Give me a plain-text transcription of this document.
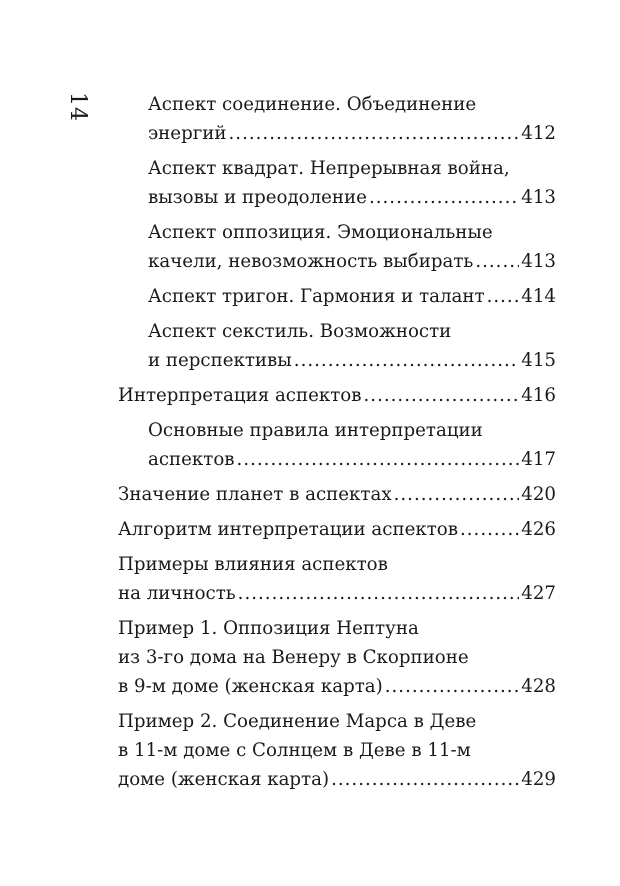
14	Аспект соединение. Объединение
энергий .....	412
Аспект квадрат. Непрерывная война,
вызовы и преодоление .....	413
Аспект оппозиция. Эмоциональные
качели, невозможность выбирать .....	413
Аспект тригон. Гармония и талант ..... 414
Аспект секстиль. Возможности
и перспективы .....	415
Интерпретация аспектов .....	416
Основные правила интерпретации
аспектов .....	417
Значение планет в аспектах .....	420
Алгоритм интерпретации аспектов .....	426
Примеры влияния аспектов
на личность .....	427
Пример 1. Оппозиция Нептуна
из 3-го дома на Венеру в Скорпионе
в 9-м доме (женская карта) .....	428
Пример 2. Соединение Марса в Деве
в 11-м доме с Солнцем в Деве в 11-м
доме (женская карта) .....	429
